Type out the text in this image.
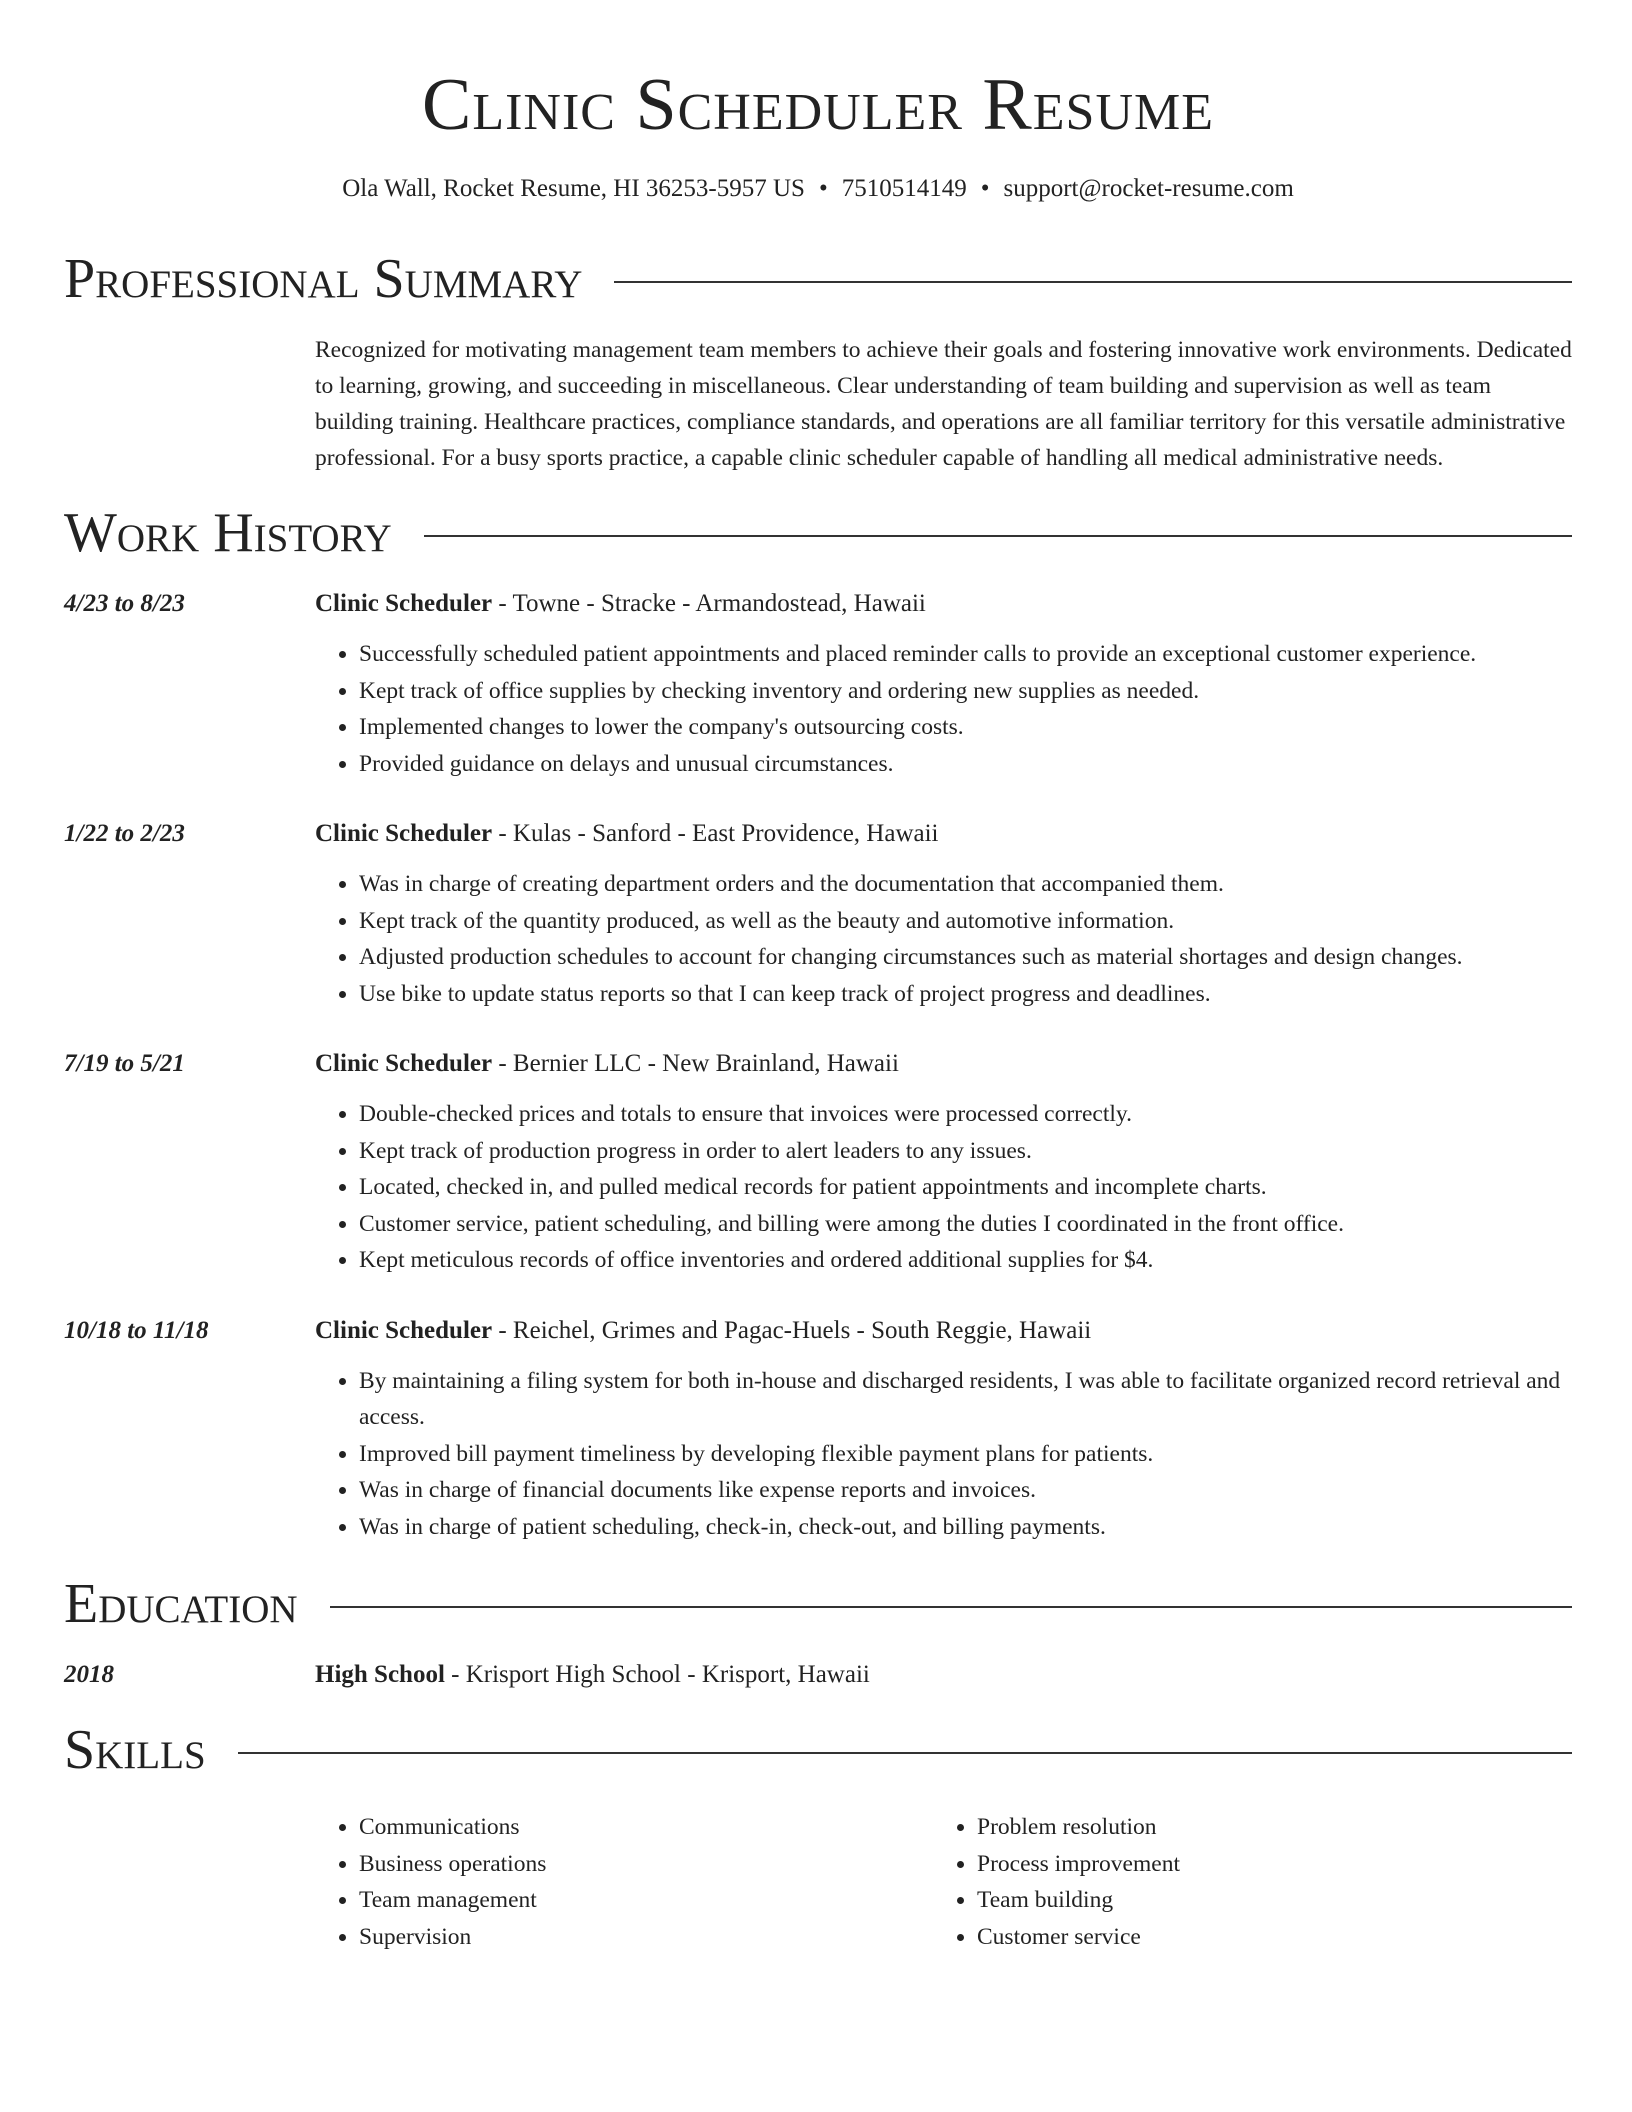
Clinic Scheduler Resume
Ola Wall, Rocket Resume, HI 36253-5957 US • 7510514149 • support@rocket-resume.com
Professional Summary
Recognized for motivating management team members to achieve their goals and fostering innovative work environments. Dedicated to learning, growing, and succeeding in miscellaneous. Clear understanding of team building and supervision as well as team building training. Healthcare practices, compliance standards, and operations are all familiar territory for this versatile administrative professional. For a busy sports practice, a capable clinic scheduler capable of handling all medical administrative needs.
Work History
4/23 to 8/23	Clinic Scheduler - Towne - Stracke - Armandostead, Hawaii
• Successfully scheduled patient appointments and placed reminder calls to provide an exceptional customer experience.
• Kept track of office supplies by checking inventory and ordering new supplies as needed.
• Implemented changes to lower the company's outsourcing costs.
• Provided guidance on delays and unusual circumstances.
1/22 to 2/23	Clinic Scheduler - Kulas - Sanford - East Providence, Hawaii
• Was in charge of creating department orders and the documentation that accompanied them.
• Kept track of the quantity produced, as well as the beauty and automotive information.
• Adjusted production schedules to account for changing circumstances such as material shortages and design changes.
• Use bike to update status reports so that I can keep track of project progress and deadlines.
7/19 to 5/21	Clinic Scheduler - Bernier LLC - New Brainland, Hawaii
• Double-checked prices and totals to ensure that invoices were processed correctly.
• Kept track of production progress in order to alert leaders to any issues.
• Located, checked in, and pulled medical records for patient appointments and incomplete charts.
• Customer service, patient scheduling, and billing were among the duties I coordinated in the front office.
• Kept meticulous records of office inventories and ordered additional supplies for $4.
10/18 to 11/18	Clinic Scheduler - Reichel, Grimes and Pagac-Huels - South Reggie, Hawaii
• By maintaining a filing system for both in-house and discharged residents, I was able to facilitate organized record retrieval and access.
• Improved bill payment timeliness by developing flexible payment plans for patients.
• Was in charge of financial documents like expense reports and invoices.
• Was in charge of patient scheduling, check-in, check-out, and billing payments.
Education
2018	High School - Krisport High School - Krisport, Hawaii
Skills
• Communications
• Business operations
• Team management
• Supervision
• Problem resolution
• Process improvement
• Team building
• Customer service
